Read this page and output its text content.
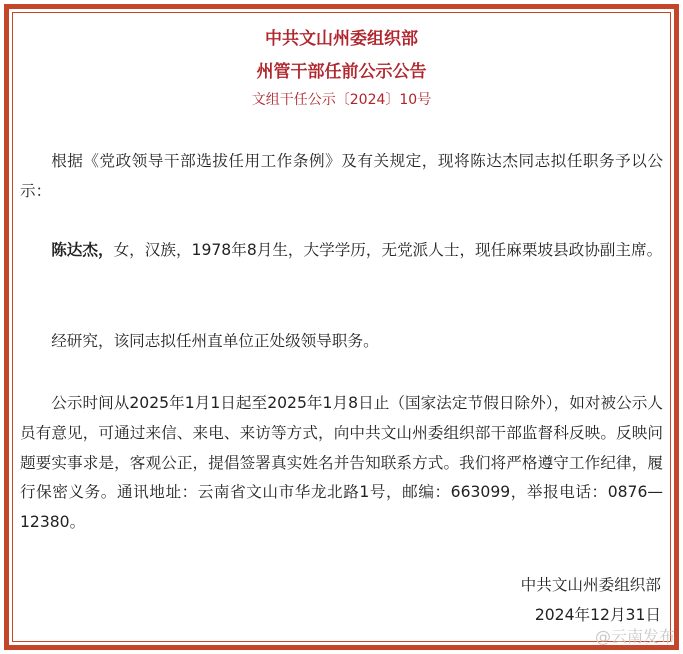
中共文山州委组织部
州管干部任前公示公告
文组干任公示〔2024〕10号

根据《党政领导干部选拔任用工作条例》及有关规定，现将陈达杰同志拟任职务予以公示：

陈达杰，女，汉族，1978年8月生，大学学历，无党派人士，现任麻栗坡县政协副主席。

经研究，该同志拟任州直单位正处级领导职务。

公示时间从2025年1月1日起至2025年1月8日止（国家法定节假日除外），如对被公示人员有意见，可通过来信、来电、来访等方式，向中共文山州委组织部干部监督科反映。反映问题要实事求是，客观公正，提倡签署真实姓名并告知联系方式。我们将严格遵守工作纪律，履行保密义务。通讯地址：云南省文山市华龙北路1号，邮编：663099，举报电话：0876—12380。

中共文山州委组织部
2024年12月31日
@云南发布
